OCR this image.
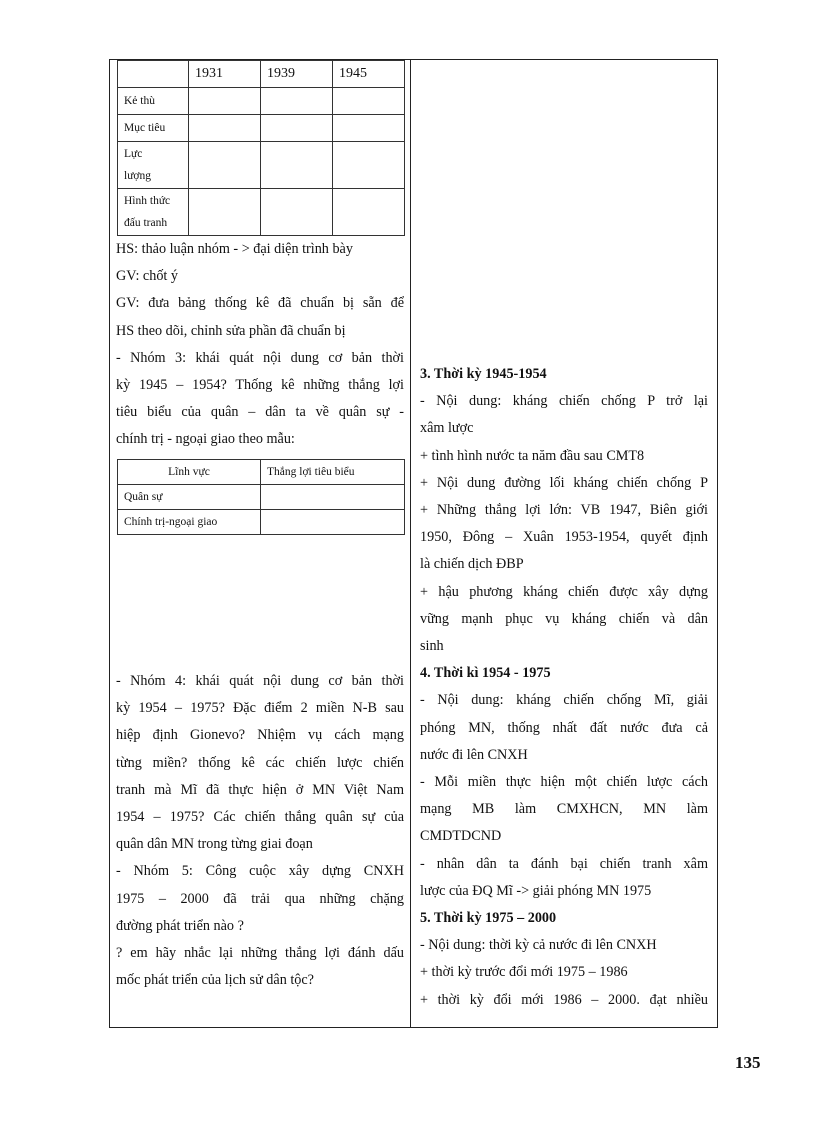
	1931	1939	1945
Kẻ thù			
Mục tiêu			
Lực
lượng			
Hình thức
đấu tranh			
HS: thảo luận nhóm - > đại diện trình bày
GV: chốt ý
GV: đưa bảng thống kê đã chuẩn bị sẵn để
HS theo dõi, chỉnh sửa phần đã chuẩn bị
- Nhóm 3: khái quát nội dung cơ bản thời
kỳ 1945 – 1954? Thống kê những thắng lợi
tiêu biểu của quân – dân ta về quân sự -
chính trị - ngoại giao theo mẫu:
Lĩnh vực	Thắng lợi tiêu biểu
Quân sự	
Chính trị-ngoại giao	
- Nhóm 4: khái quát nội dung cơ bản thời
kỳ 1954 – 1975? Đặc điểm 2 miền N-B sau
hiệp định Gionevo? Nhiệm vụ cách mạng
từng miền? thống kê các chiến lược chiến
tranh mà Mĩ đã thực hiện ở MN Việt Nam
1954 – 1975? Các chiến thắng quân sự của
quân dân MN trong từng giai đoạn
- Nhóm 5: Công cuộc xây dựng CNXH
1975 – 2000 đã trải qua những chặng
đường phát triển nào ?
? em hãy nhắc lại những thắng lợi đánh dấu
mốc phát triển của lịch sử dân tộc?
3. Thời kỳ 1945-1954
- Nội dung: kháng chiến chống P trở lại
xâm lược
+ tình hình nước ta năm đầu sau CMT8
+ Nội dung đường lối kháng chiến chống P
+ Những thắng lợi lớn: VB 1947, Biên giới
1950, Đông – Xuân 1953-1954, quyết định
là chiến dịch ĐBP
+ hậu phương kháng chiến được xây dựng
vững mạnh phục vụ kháng chiến và dân
sinh
4. Thời kì 1954 - 1975
- Nội dung: kháng chiến chống Mĩ, giải
phóng MN, thống nhất đất nước đưa cả
nước đi lên CNXH
- Mỗi miền thực hiện một chiến lược cách
mạng MB làm CMXHCN, MN làm
CMDTDCND
- nhân dân ta đánh bại chiến tranh xâm
lược của ĐQ Mĩ -> giải phóng MN 1975
5. Thời kỳ 1975 – 2000
- Nội dung: thời kỳ cả nước đi lên CNXH
+ thời kỳ trước đổi mới 1975 – 1986
+ thời kỳ đổi mới 1986 – 2000. đạt nhiều
135
